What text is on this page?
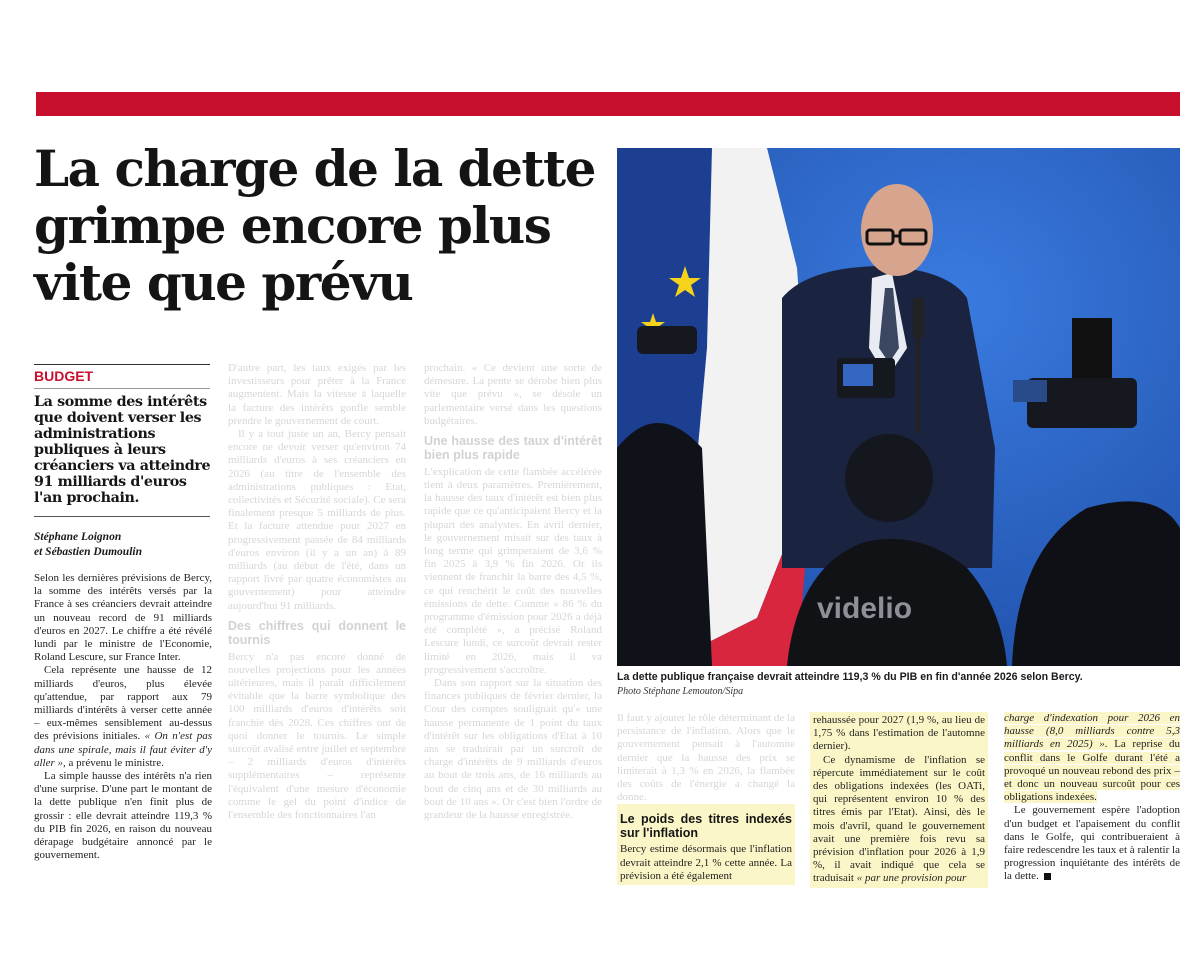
La charge de la dette grimpe encore plus vite que prévu
BUDGET

La somme des intérêts que doivent verser les administrations publiques à leurs créanciers va atteindre 91 milliards d'euros l'an prochain.

Stéphane Loignon
et Sébastien Dumoulin

Selon les dernières prévisions de Bercy, la somme des intérêts versés par la France à ses créanciers devrait atteindre un nouveau record de 91 milliards d'euros en 2027. Le chiffre a été révélé lundi par le ministre de l'Economie, Roland Lescure, sur France Inter.

Cela représente une hausse de 12 milliards d'euros, plus élevée qu'attendue, par rapport aux 79 milliards d'intérêts à verser cette année – eux-mêmes sensiblement au-dessus des prévisions initiales. « On n'est pas dans une spirale, mais il faut éviter d'y aller », a prévenu le ministre.

La simple hausse des intérêts n'a rien d'une surprise. D'une part le montant de la dette publique n'en finit plus de grossir : elle devrait atteindre 119,3 % du PIB fin 2026, en raison du nouveau dérapage budgétaire annoncé par le gouvernement.

D'autre part, les taux exigés par les investisseurs pour prêter à la France augmentent. Mais la vitesse à laquelle la facture des intérêts gonfle semble prendre le gouvernement de court.

Il y a tout juste un an, Bercy pensait encore ne devoir verser qu'environ 74 milliards d'euros à ses créanciers en 2026 (au titre de l'ensemble des administrations publiques : Etat, collectivités et Sécurité sociale). Ce sera finalement presque 5 milliards de plus. Et la facture attendue pour 2027 en progressivement passée de 84 milliards d'euros environ (il y a un an) à 89 milliards (au début de l'été, dans un rapport livré par quatre économistes au gouvernement) pour atteindre aujourd'hui 91 milliards.

Des chiffres qui donnent le tournis

Bercy n'a pas encore donné de nouvelles projections pour les années ultérieures, mais il paraît difficilement évitable que la barre symbolique des 100 milliards d'euros d'intérêts soit franchie dès 2028. Ces chiffres ont de quoi donner le tournis. Le simple surcoût avalisé entre juillet et septembre – 2 milliards d'euros d'intérêts supplémentaires – représente l'équivalent d'une mesure d'économie comme le gel du point d'indice de l'ensemble des fonctionnaires l'an

prochain. « Ce devient une sorte de démesure. La pente se dérobe bien plus vite que prévu », se désole un parlementaire versé dans les questions budgétaires.

Une hausse des taux d'intérêt bien plus rapide

L'explication de cette flambée accélérée tient à deux paramètres. Premièrement, la hausse des taux d'intérêt est bien plus rapide que ce qu'anticipaient Bercy et la plupart des analystes. En avril dernier, le gouvernement misait sur des taux à long terme qui grimperaient de 3,6 % fin 2025 à 3,9 % fin 2026. Or ils viennent de franchir la barre des 4,5 %, ce qui renchérit le coût des nouvelles émissions de dette. Comme « 86 % du programme d'émission pour 2026 a déjà été complété », a précisé Roland Lescure lundi, ce surcoût devrait rester limité en 2026, mais il va progressivement s'accroître.

Dans son rapport sur la situation des finances publiques de février dernier, la Cour des comptes soulignait qu'« une hausse permanente de 1 point du taux d'intérêt sur les obligations d'Etat à 10 ans se traduirait par un surcroît de charge d'intérêts de 9 milliards d'euros au bout de trois ans, de 16 milliards au bout de cinq ans et de 30 milliards au bout de 10 ans ». Or c'est bien l'ordre de grandeur de la hausse enregistrée.

videlio
La dette publique française devrait atteindre 119,3 % du PIB en fin d'année 2026 selon Bercy.
Photo Stéphane Lemouton/Sipa

Il faut y ajouter le rôle déterminant de la persistance de l'inflation. Alors que le gouvernement pensait à l'automne dernier que la hausse des prix se limiterait à 1,3 % en 2026, la flambée des coûts de l'énergie a changé la donne.

Le poids des titres indexés sur l'inflation

Bercy estime désormais que l'inflation devrait atteindre 2,1 % cette année. La prévision a été également

rehaussée pour 2027 (1,9 %, au lieu de 1,75 % dans l'estimation de l'automne dernier).

Ce dynamisme de l'inflation se répercute immédiatement sur le coût des obligations indexées (les OATi, qui représentent environ 10 % des titres émis par l'Etat). Ainsi, dès le mois d'avril, quand le gouvernement avait une première fois revu sa prévision d'inflation pour 2026 à 1,9 %, il avait indiqué que cela se traduisait « par une provision pour

charge d'indexation pour 2026 en hausse (8,0 milliards contre 5,3 milliards en 2025) ». La reprise du conflit dans le Golfe durant l'été a provoqué un nouveau rebond des prix – et donc un nouveau surcoût pour ces obligations indexées.

Le gouvernement espère l'adoption d'un budget et l'apaisement du conflit dans le Golfe, qui contribueraient à faire redescendre les taux et à ralentir la progression inquiétante des intérêts de la dette.
